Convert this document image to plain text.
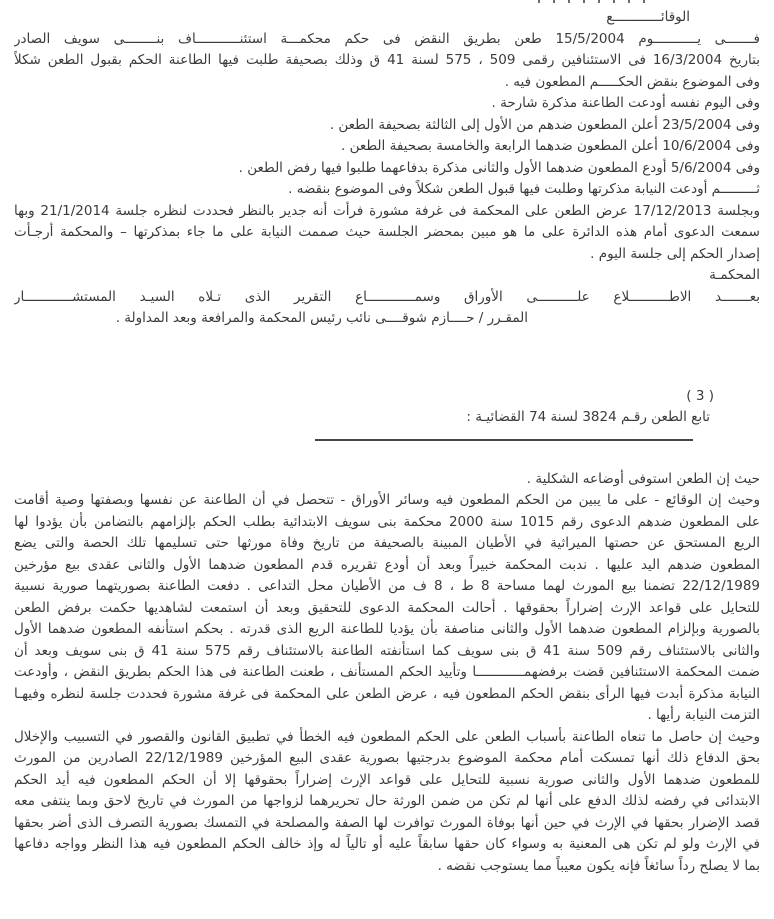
الوقائــــــــــــع
فـــــــى يـــــــــــوم 15/5/2004 طعن بطريق النقض فى حكم محكمـــة استئنـــــــــــاف بنــــــــى سويف الصادر
بتاريخ 16/3/2004 فى الاستئنافين رقمى 509 ، 575 لسنة 41 ق وذلك بصحيفة طلبت فيها الطاعنة الحكم بقبول الطعن شكلاً
وفى الموضوع بنقض الحكـــــم المطعون فيه .
وفى اليوم نفسه أودعت الطاعنة مذكرة شارحة .
وفى 23/5/2004 أعلن المطعون ضدهم من الأول إلى الثالثة بصحيفة الطعن .
وفى 10/6/2004 أعلن المطعون ضدهما الرابعة والخامسة بصحيفة الطعن .
وفى 5/6/2004 أودع المطعون ضدهما الأول والثانى مذكرة بدفاعهما طلبوا فيها رفض الطعن .
ثـــــــــم أودعت النيابة مذكرتها وطلبت فيها قبول الطعن شكلاً وفى الموضوع بنقضه .
وبجلسة 17/12/2013 عرض الطعن على المحكمة فى غرفة مشورة فرأت أنه جدير بالنظر فحددت لنظره جلسة 21/1/2014 وبها
سمعت الدعوى أمام هذه الدائرة على ما هو مبين بمحضر الجلسة حيث صممت النيابة على ما جاء بمذكرتها – والمحكمة أرجـأت
إصدار الحكم إلى جلسة اليوم .
المحكمـة
بعـــــــد الاطــــــــــلاع علــــــــــى الأوراق وسمــــــــــــاع التقرير الذى تـلاه السيـد المستشــــــــــــار
المقـرر / حــــازم شوقــــى نائب رئيس المحكمة والمرافعة وبعد المداولة .
( 3 )
تابع الطعن رقـم 3824 لسنة 74 القضائيـة :
حيث إن الطعن استوفى أوضاعه الشكلية .
وحيث إن الوقائع - على ما يبين من الحكم المطعون فيه وسائر الأوراق - تتحصل في أن الطاعنة عن نفسها وبصفتها وصية أقامت
على المطعون ضدهم الدعوى رقم 1015 سنة 2000 محكمة بنى سويف الابتدائية بطلب الحكم بإلزامهم بالتضامن بأن يؤدوا لها
الريع المستحق عن حصتها الميراثية في الأطيان المبينة بالصحيفة من تاريخ وفاة مورثها حتى تسليمها تلك الحصة والتى يضع
المطعون ضدهم اليد عليها . ندبت المحكمة خبيراً وبعد أن أودع تقريره قدم المطعون ضدهما الأول والثانى عقدى بيع مؤرخين
22/12/1989 تضمنا بيع المورث لهما مساحة 8 ط ، 8 ف من الأطيان محل التداعى . دفعت الطاعنة بصوريتهما صورية نسبية
للتحايل على قواعد الإرث إضراراً بحقوقها . أحالت المحكمة الدعوى للتحقيق وبعد أن استمعت لشاهديها حكمت برفض الطعن
بالصورية وبإلزام المطعون ضدهما الأول والثانى مناصفة بأن يؤديا للطاعنة الريع الذى قدرته . بحكم استأنفه المطعون ضدهما الأول
والثانى بالاستئناف رقم 509 سنة 41 ق بنى سويف كما استأنفته الطاعنة بالاستئناف رقم 575 سنة 41 ق بنى سويف وبعد أن
ضمت المحكمة الاستئنافين قضت برفضهمــــــــــــا وتأييد الحكم المستأنف ، طعنت الطاعنة فى هذا الحكم بطريق النقض ، وأودعت
النيابة مذكرة أبدت فيها الرأى بنقض الحكم المطعون فيه ، عرض الطعن على المحكمة فى غرفة مشورة فحددت جلسة لنظره وفيهـا
التزمت النيابة رأيها .
وحيث إن حاصل ما تنعاه الطاعنة بأسباب الطعن على الحكم المطعون فيه الخطأ في تطبيق القانون والقصور في التسبيب والإخلال
بحق الدفاع ذلك أنها تمسكت أمام محكمة الموضوع بدرجتيها بصورية عقدى البيع المؤرخين 22/12/1989 الصادرين من المورث
للمطعون ضدهما الأول والثانى صورية نسبية للتحايل على قواعد الإرث إضراراً بحقوقها إلا أن الحكم المطعون فيه أيد الحكم
الابتدائى في رفضه لذلك الدفع على أنها لم تكن من ضمن الورثة حال تحريرهما لزواجها من المورث في تاريخ لاحق وبما ينتفى معه
قصد الإضرار بحقها في الإرث في حين أنها بوفاة المورث توافرت لها الصفة والمصلحة في التمسك بصورية التصرف الذى أضر بحقها
في الإرث ولو لم تكن هى المعنية به وسواء كان حقها سابقاً عليه أو تالياً له وإذ خالف الحكم المطعون فيه هذا النظر وواجه دفاعها
بما لا يصلح رداً سائغاً فإنه يكون معيباً مما يستوجب نقضه .
